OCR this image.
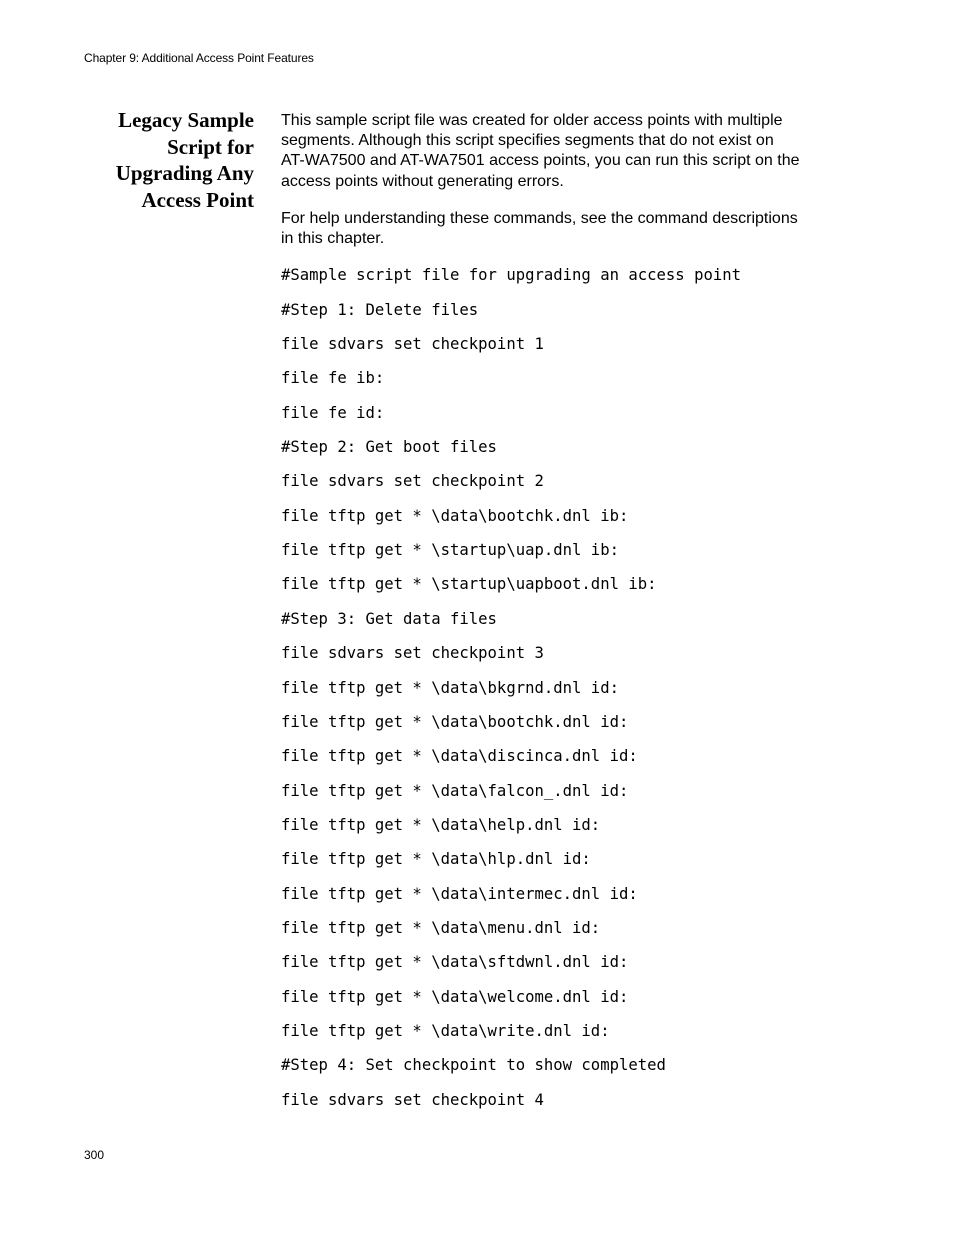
Chapter 9: Additional Access Point Features
Legacy Sample
Script for
Upgrading Any
Access Point
This sample script file was created for older access points with multiple
segments. Although this script specifies segments that do not exist on
AT-WA7500 and AT-WA7501 access points, you can run this script on the
access points without generating errors.
For help understanding these commands, see the command descriptions
in this chapter.
#Sample script file for upgrading an access point
#Step 1: Delete files
file sdvars set checkpoint 1
file fe ib:
file fe id:
#Step 2: Get boot files
file sdvars set checkpoint 2
file tftp get * \data\bootchk.dnl ib:
file tftp get * \startup\uap.dnl ib:
file tftp get * \startup\uapboot.dnl ib:
#Step 3: Get data files
file sdvars set checkpoint 3
file tftp get * \data\bkgrnd.dnl id:
file tftp get * \data\bootchk.dnl id:
file tftp get * \data\discinca.dnl id:
file tftp get * \data\falcon_.dnl id:
file tftp get * \data\help.dnl id:
file tftp get * \data\hlp.dnl id:
file tftp get * \data\intermec.dnl id:
file tftp get * \data\menu.dnl id:
file tftp get * \data\sftdwnl.dnl id:
file tftp get * \data\welcome.dnl id:
file tftp get * \data\write.dnl id:
#Step 4: Set checkpoint to show completed
file sdvars set checkpoint 4
300
